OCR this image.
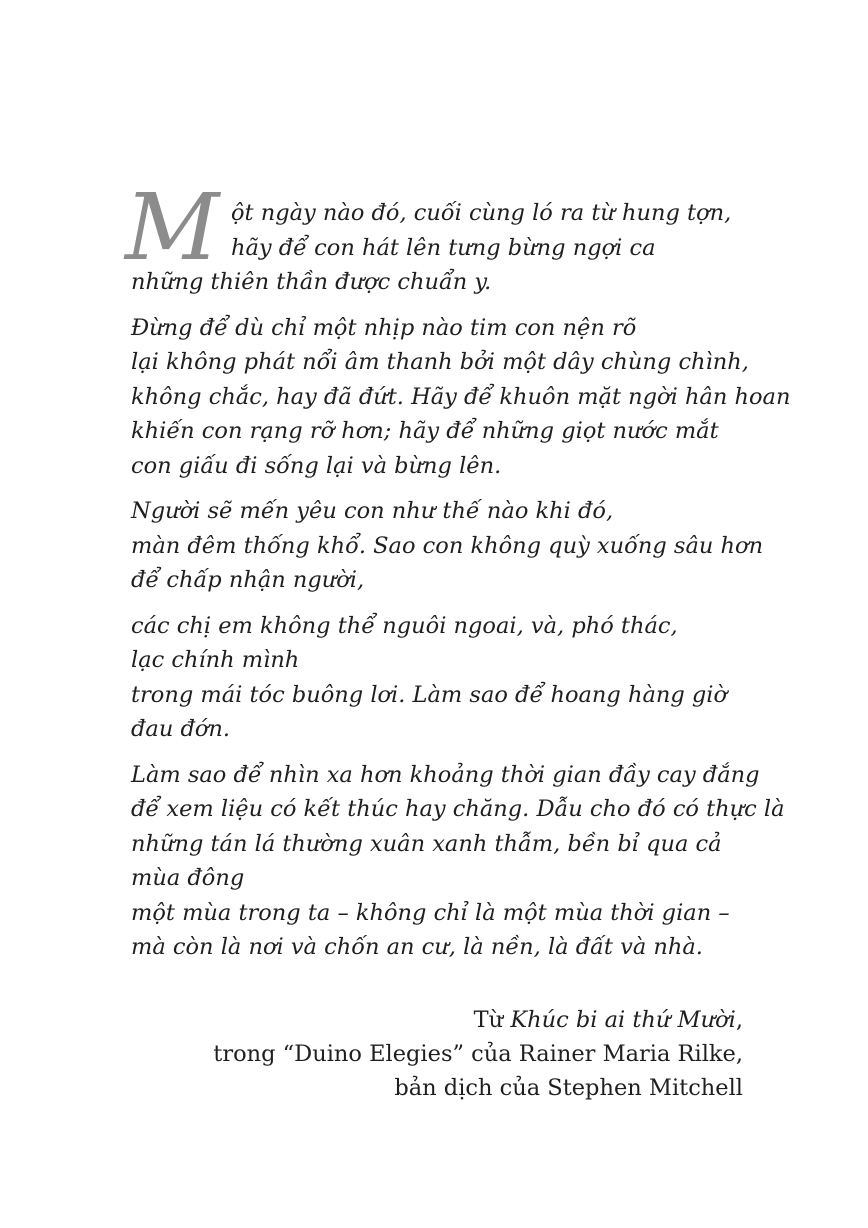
M ột ngày nào đó, cuối cùng ló ra từ hung tợn,
hãy để con hát lên tưng bừng ngợi ca
những thiên thần được chuẩn y.
Đừng để dù chỉ một nhịp nào tim con nện rõ
lại không phát nổi âm thanh bởi một dây chùng chình,
không chắc, hay đã đứt. Hãy để khuôn mặt ngời hân hoan
khiến con rạng rỡ hơn; hãy để những giọt nước mắt
con giấu đi sống lại và bừng lên.
Người sẽ mến yêu con như thế nào khi đó,
màn đêm thống khổ. Sao con không quỳ xuống sâu hơn
để chấp nhận người,
các chị em không thể nguôi ngoai, và, phó thác,
lạc chính mình
trong mái tóc buông lơi. Làm sao để hoang hàng giờ
đau đớn.
Làm sao để nhìn xa hơn khoảng thời gian đầy cay đắng
để xem liệu có kết thúc hay chăng. Dẫu cho đó có thực là
những tán lá thường xuân xanh thẫm, bền bỉ qua cả
mùa đông
một mùa trong ta – không chỉ là một mùa thời gian –
mà còn là nơi và chốn an cư, là nền, là đất và nhà.
Từ Khúc bi ai thứ Mười,
trong “Duino Elegies” của Rainer Maria Rilke,
bản dịch của Stephen Mitchell
